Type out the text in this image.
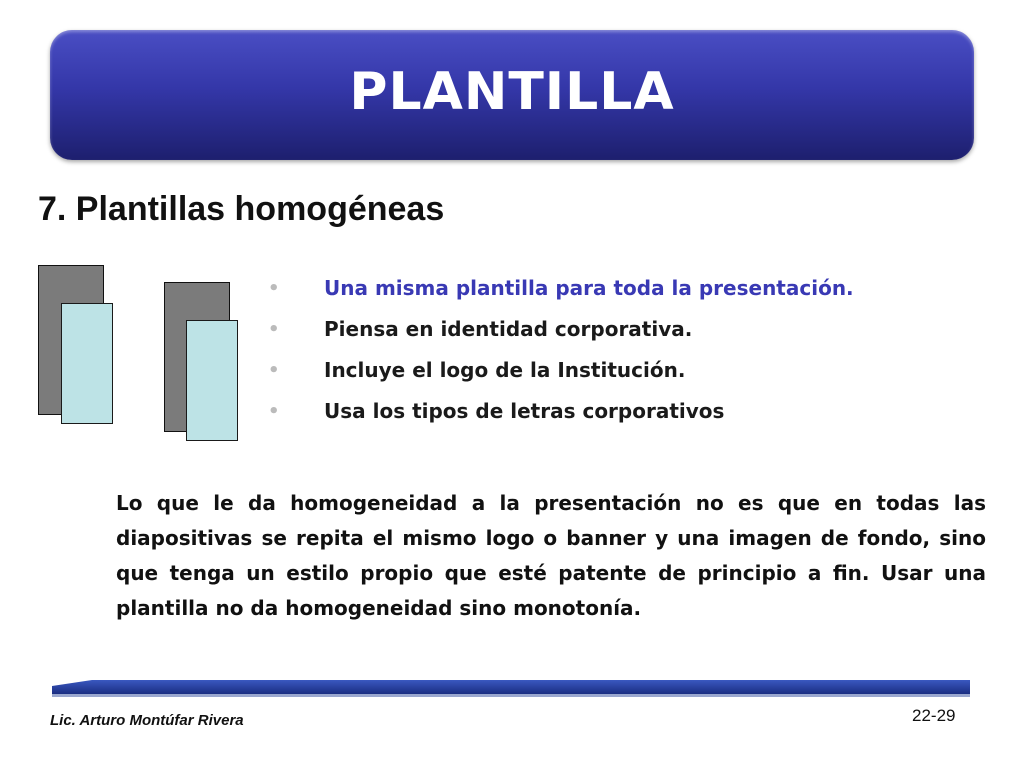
PLANTILLA
7. Plantillas homogéneas
• Una misma plantilla para toda la presentación.
• Piensa en identidad corporativa.
• Incluye el logo de la Institución.
• Usa los tipos de letras corporativos

Lo que le da homogeneidad a la presentación no es que en todas las diapositivas se repita el mismo logo o banner y una imagen de fondo, sino que tenga un estilo propio que esté patente de principio a fin. Usar una plantilla no da homogeneidad sino monotonía.

Lic. Arturo Montúfar Rivera	22-29
